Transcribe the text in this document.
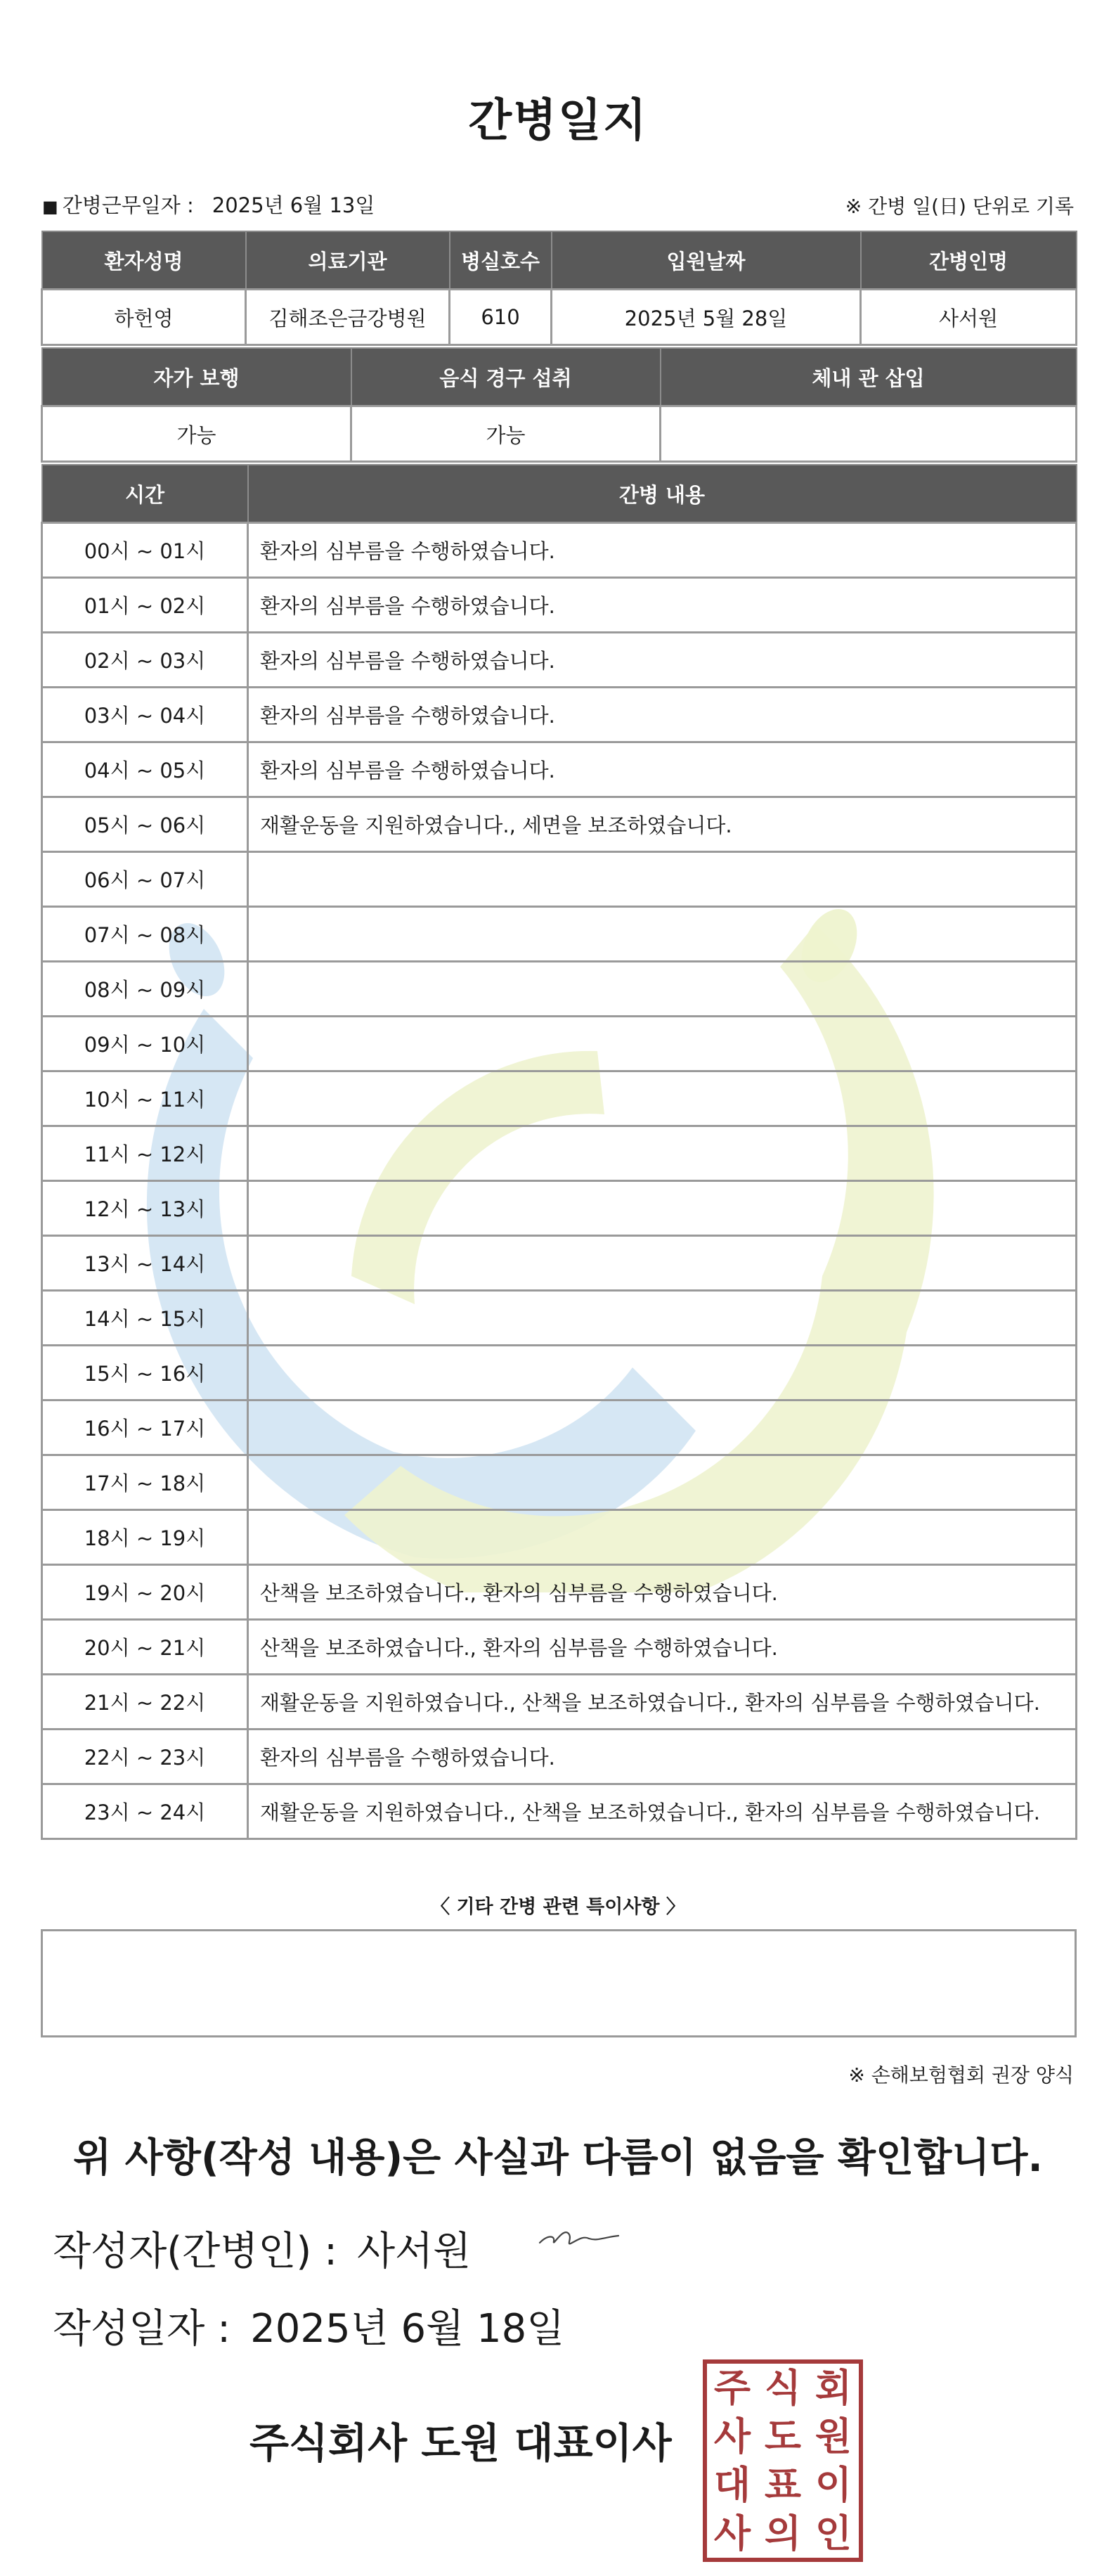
간병일지
■ 간병근무일자 : 2025년 6월 13일	※ 간병 일(日) 단위로 기록
환자성명	의료기관	병실호수	입원날짜	간병인명
하헌영	김해조은금강병원	610	2025년 5월 28일	사서원
자가 보행	음식 경구 섭취	체내 관 삽입
가능	가능	
시간	간병 내용
00시 ~ 01시	환자의 심부름을 수행하였습니다.
01시 ~ 02시	환자의 심부름을 수행하였습니다.
02시 ~ 03시	환자의 심부름을 수행하였습니다.
03시 ~ 04시	환자의 심부름을 수행하였습니다.
04시 ~ 05시	환자의 심부름을 수행하였습니다.
05시 ~ 06시	재활운동을 지원하였습니다., 세면을 보조하였습니다.
06시 ~ 07시	
07시 ~ 08시	
08시 ~ 09시	
09시 ~ 10시	
10시 ~ 11시	
11시 ~ 12시	
12시 ~ 13시	
13시 ~ 14시	
14시 ~ 15시	
15시 ~ 16시	
16시 ~ 17시	
17시 ~ 18시	
18시 ~ 19시	
19시 ~ 20시	산책을 보조하였습니다., 환자의 심부름을 수행하였습니다.
20시 ~ 21시	산책을 보조하였습니다., 환자의 심부름을 수행하였습니다.
21시 ~ 22시	재활운동을 지원하였습니다., 산책을 보조하였습니다., 환자의 심부름을 수행하였습니다.
22시 ~ 23시	환자의 심부름을 수행하였습니다.
23시 ~ 24시	재활운동을 지원하였습니다., 산책을 보조하였습니다., 환자의 심부름을 수행하였습니다.
〈 기타 간병 관련 특이사항 〉
※ 손해보험협회 권장 양식
위 사항(작성 내용)은 사실과 다름이 없음을 확인합니다.
작성자(간병인) : 사서원
작성일자 : 2025년 6월 18일
주식회사 도원 대표이사
주 식 회
사 도 원
대 표 이
사 의 인
